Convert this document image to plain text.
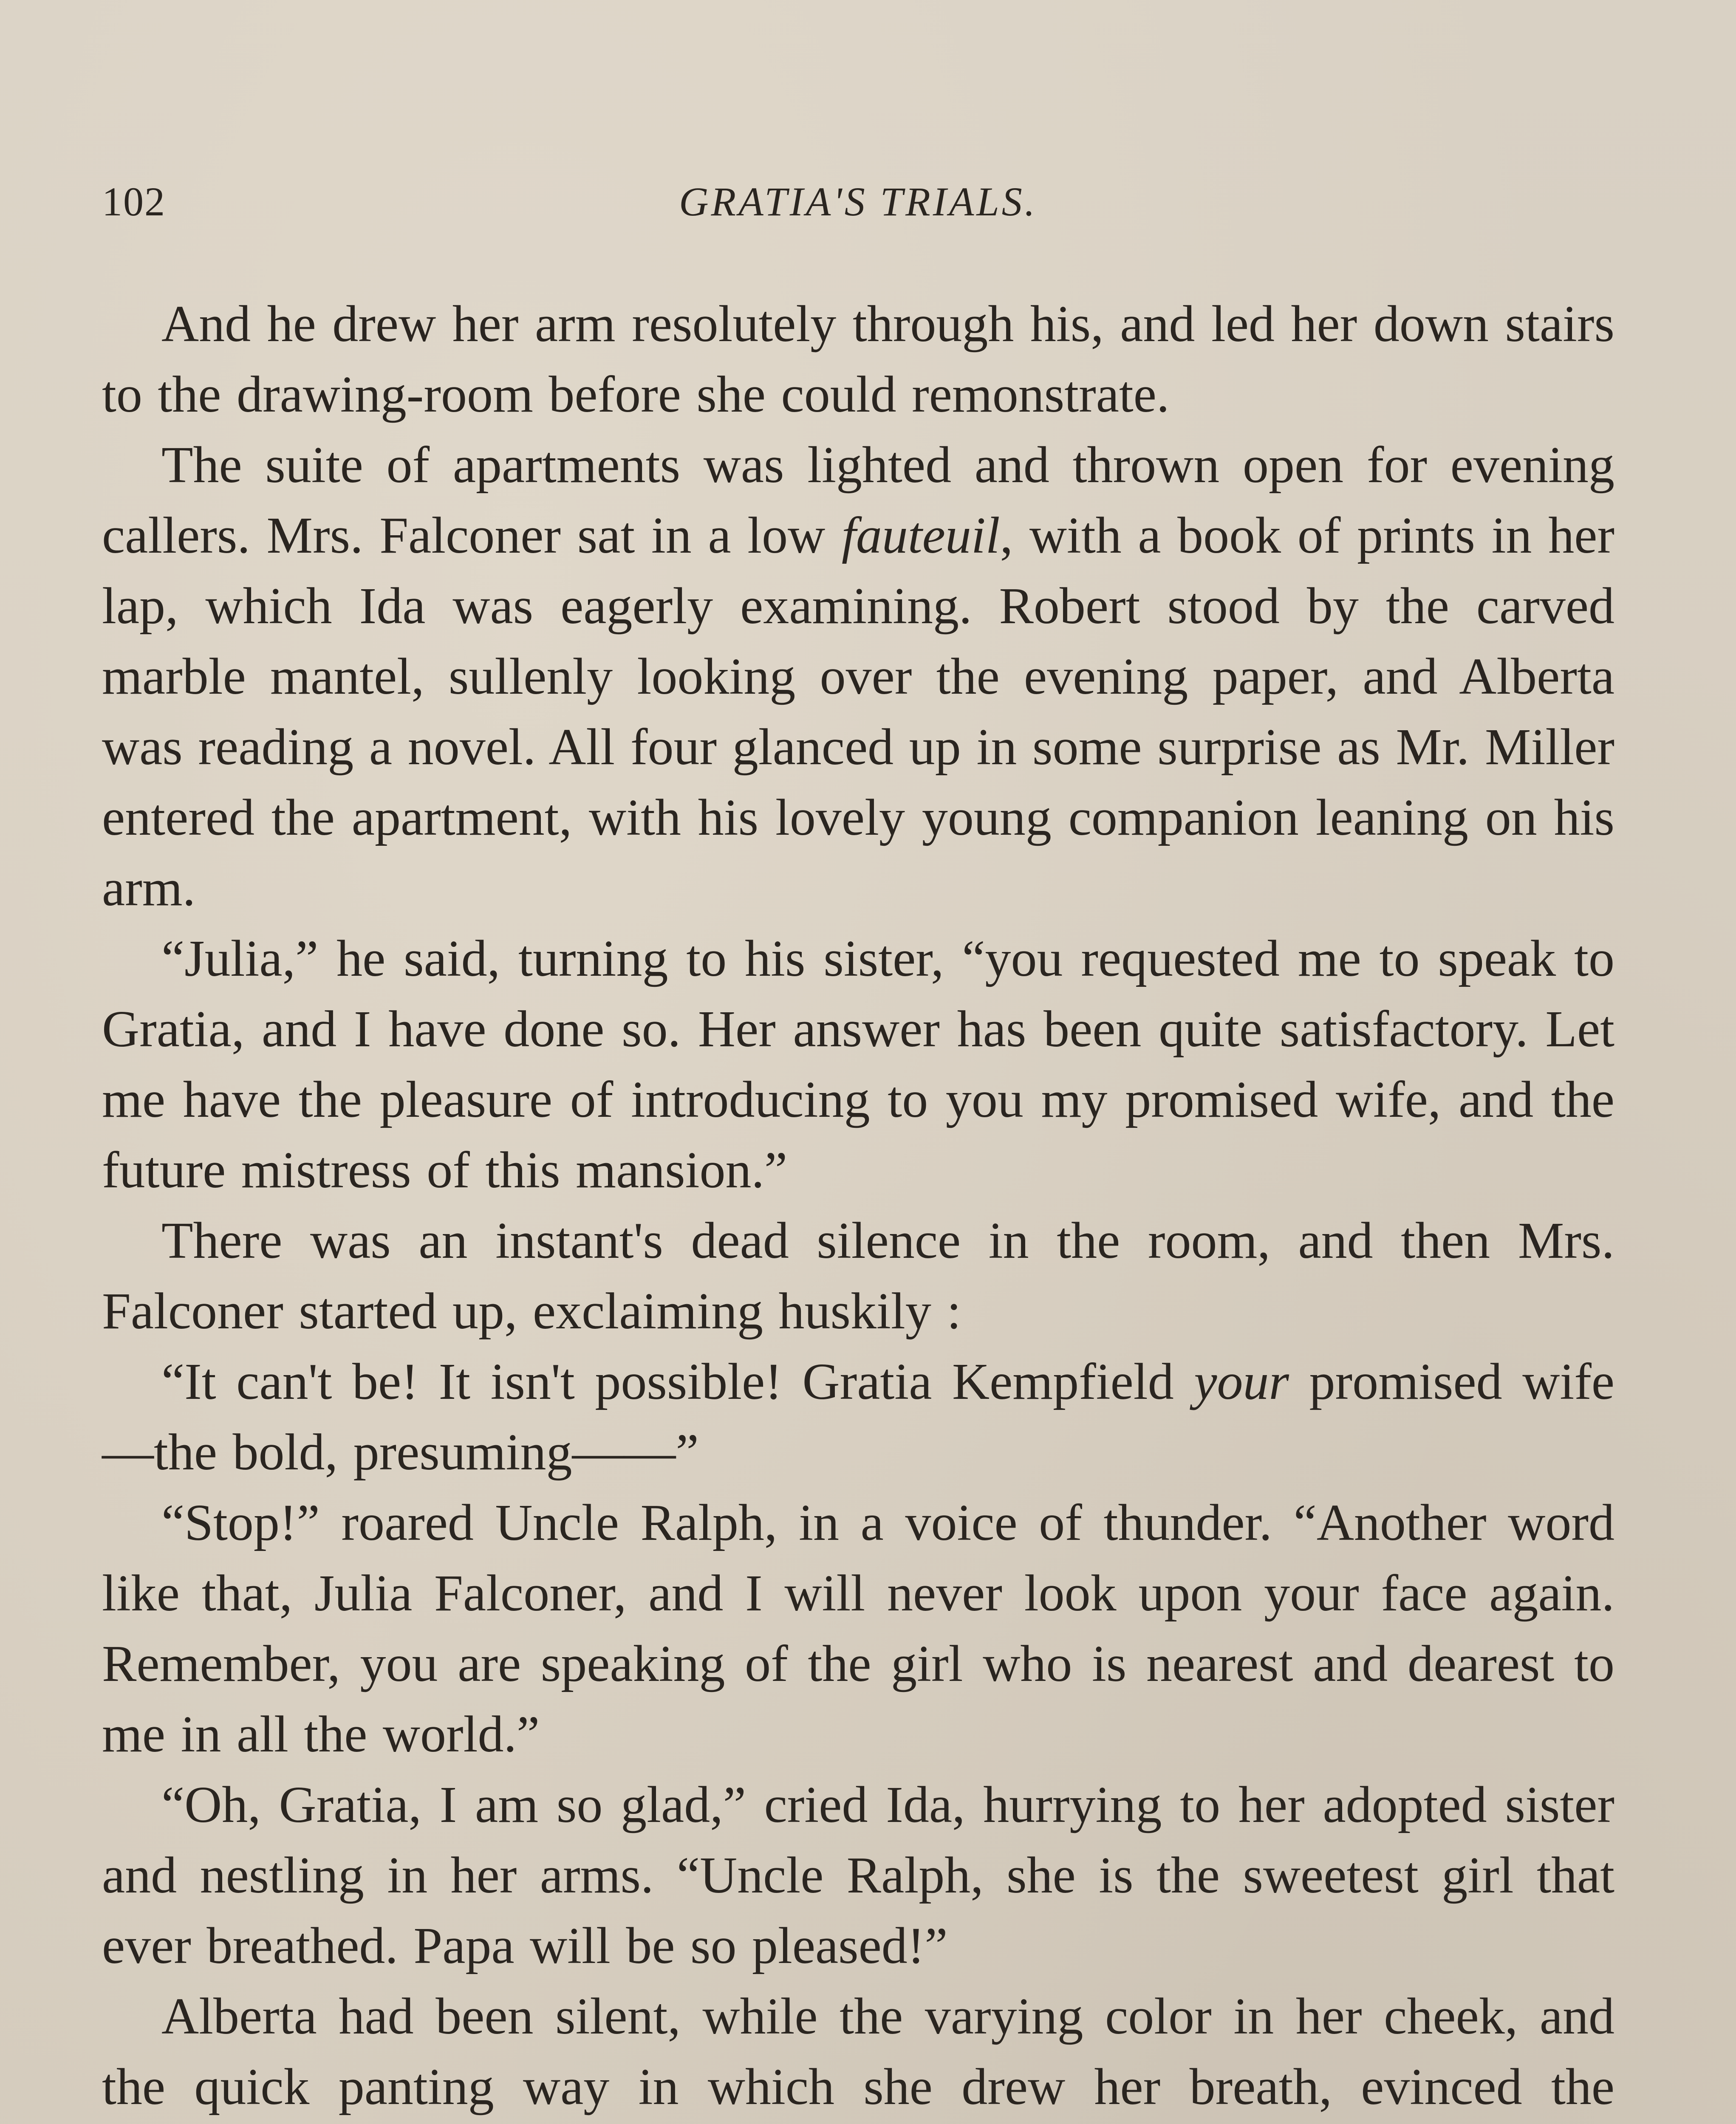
102	GRATIA'S TRIALS.

And he drew her arm resolutely through his, and led her down stairs to the drawing-room before she could remonstrate.

The suite of apartments was lighted and thrown open for evening callers. Mrs. Falconer sat in a low fauteuil, with a book of prints in her lap, which Ida was eagerly examining. Robert stood by the carved marble mantel, sullenly looking over the evening paper, and Alberta was reading a novel. All four glanced up in some surprise as Mr. Miller entered the apartment, with his lovely young companion leaning on his arm.

“Julia,” he said, turning to his sister, “you requested me to speak to Gratia, and I have done so. Her answer has been quite satisfactory. Let me have the pleasure of introducing to you my promised wife, and the future mistress of this mansion.”

There was an instant's dead silence in the room, and then Mrs. Falconer started up, exclaiming huskily :

“It can't be! It isn't possible! Gratia Kempfield your promised wife—the bold, presuming——”

“Stop!” roared Uncle Ralph, in a voice of thunder. “Another word like that, Julia Falconer, and I will never look upon your face again. Remember, you are speaking of the girl who is nearest and dearest to me in all the world.”

“Oh, Gratia, I am so glad,” cried Ida, hurrying to her adopted sister and nestling in her arms. “Uncle Ralph, she is the sweetest girl that ever breathed. Papa will be so pleased!”

Alberta had been silent, while the varying color in her cheek, and the quick panting way in which she drew her breath, evinced the
